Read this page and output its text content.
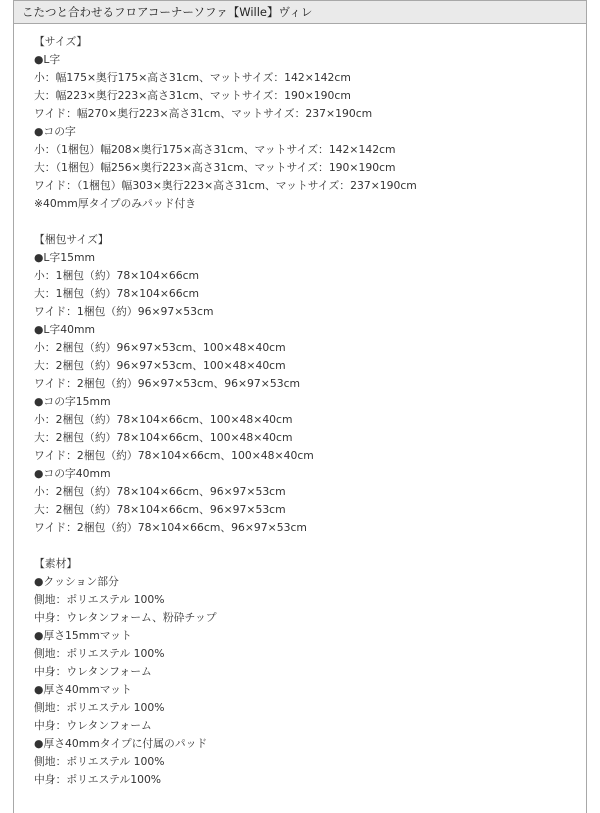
こたつと合わせるフロアコーナーソファ【Wille】ヴィレ
【サイズ】
●L字
小：幅175×奥行175×高さ31cm、マットサイズ：142×142cm
大：幅223×奥行223×高さ31cm、マットサイズ：190×190cm
ワイド：幅270×奥行223×高さ31cm、マットサイズ：237×190cm
●コの字
小：（1梱包）幅208×奥行175×高さ31cm、マットサイズ：142×142cm
大：（1梱包）幅256×奥行223×高さ31cm、マットサイズ：190×190cm
ワイド：（1梱包）幅303×奥行223×高さ31cm、マットサイズ：237×190cm
※40mm厚タイプのみパッド付き
【梱包サイズ】
●L字15mm
小：1梱包（約）78×104×66cm
大：1梱包（約）78×104×66cm
ワイド：1梱包（約）96×97×53cm
●L字40mm
小：2梱包（約）96×97×53cm、100×48×40cm
大：2梱包（約）96×97×53cm、100×48×40cm
ワイド：2梱包（約）96×97×53cm、96×97×53cm
●コの字15mm
小：2梱包（約）78×104×66cm、100×48×40cm
大：2梱包（約）78×104×66cm、100×48×40cm
ワイド：2梱包（約）78×104×66cm、100×48×40cm
●コの字40mm
小：2梱包（約）78×104×66cm、96×97×53cm
大：2梱包（約）78×104×66cm、96×97×53cm
ワイド：2梱包（約）78×104×66cm、96×97×53cm
【素材】
●クッション部分
側地：ポリエステル 100%
中身：ウレタンフォーム、粉砕チップ
●厚さ15mmマット
側地：ポリエステル 100%
中身：ウレタンフォーム
●厚さ40mmマット
側地：ポリエステル 100%
中身：ウレタンフォーム
●厚さ40mmタイプに付属のパッド
側地：ポリエステル 100%
中身：ポリエステル100%
